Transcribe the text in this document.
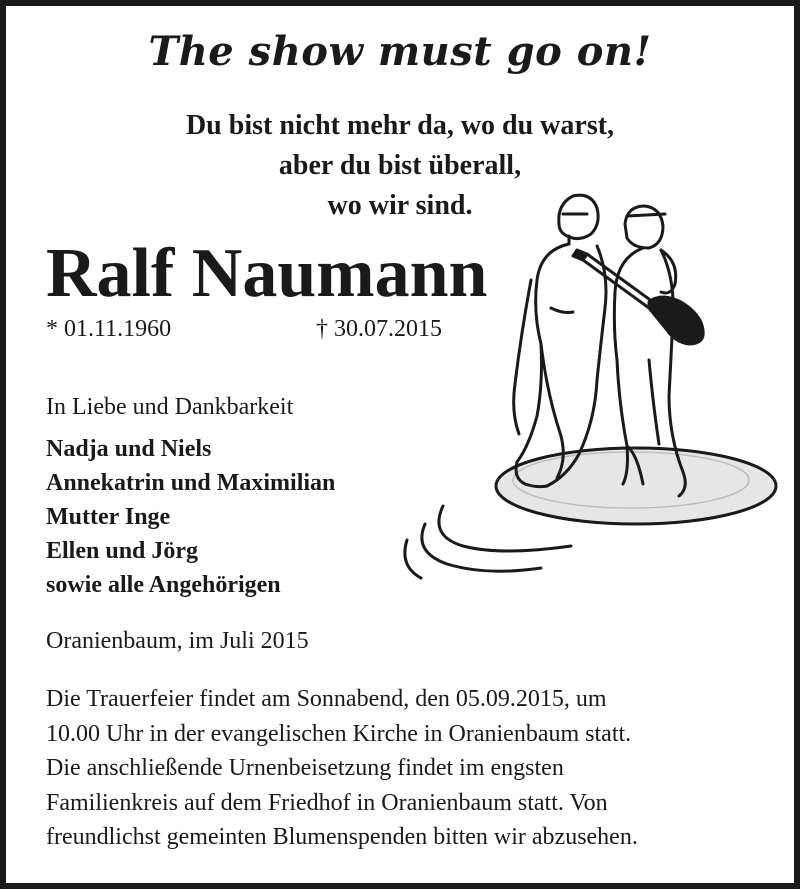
The show must go on!
Du bist nicht mehr da, wo du warst,
aber du bist überall,
wo wir sind.
Ralf Naumann
* 01.11.1960	† 30.07.2015
In Liebe und Dankbarkeit
Nadja und Niels
Annekatrin und Maximilian
Mutter Inge
Ellen und Jörg
sowie alle Angehörigen
Oranienbaum, im Juli 2015
Die Trauerfeier findet am Sonnabend, den 05.09.2015, um
10.00 Uhr in der evangelischen Kirche in Oranienbaum statt.
Die anschließende Urnenbeisetzung findet im engsten
Familienkreis auf dem Friedhof in Oranienbaum statt. Von
freundlichst gemeinten Blumenspenden bitten wir abzusehen.
